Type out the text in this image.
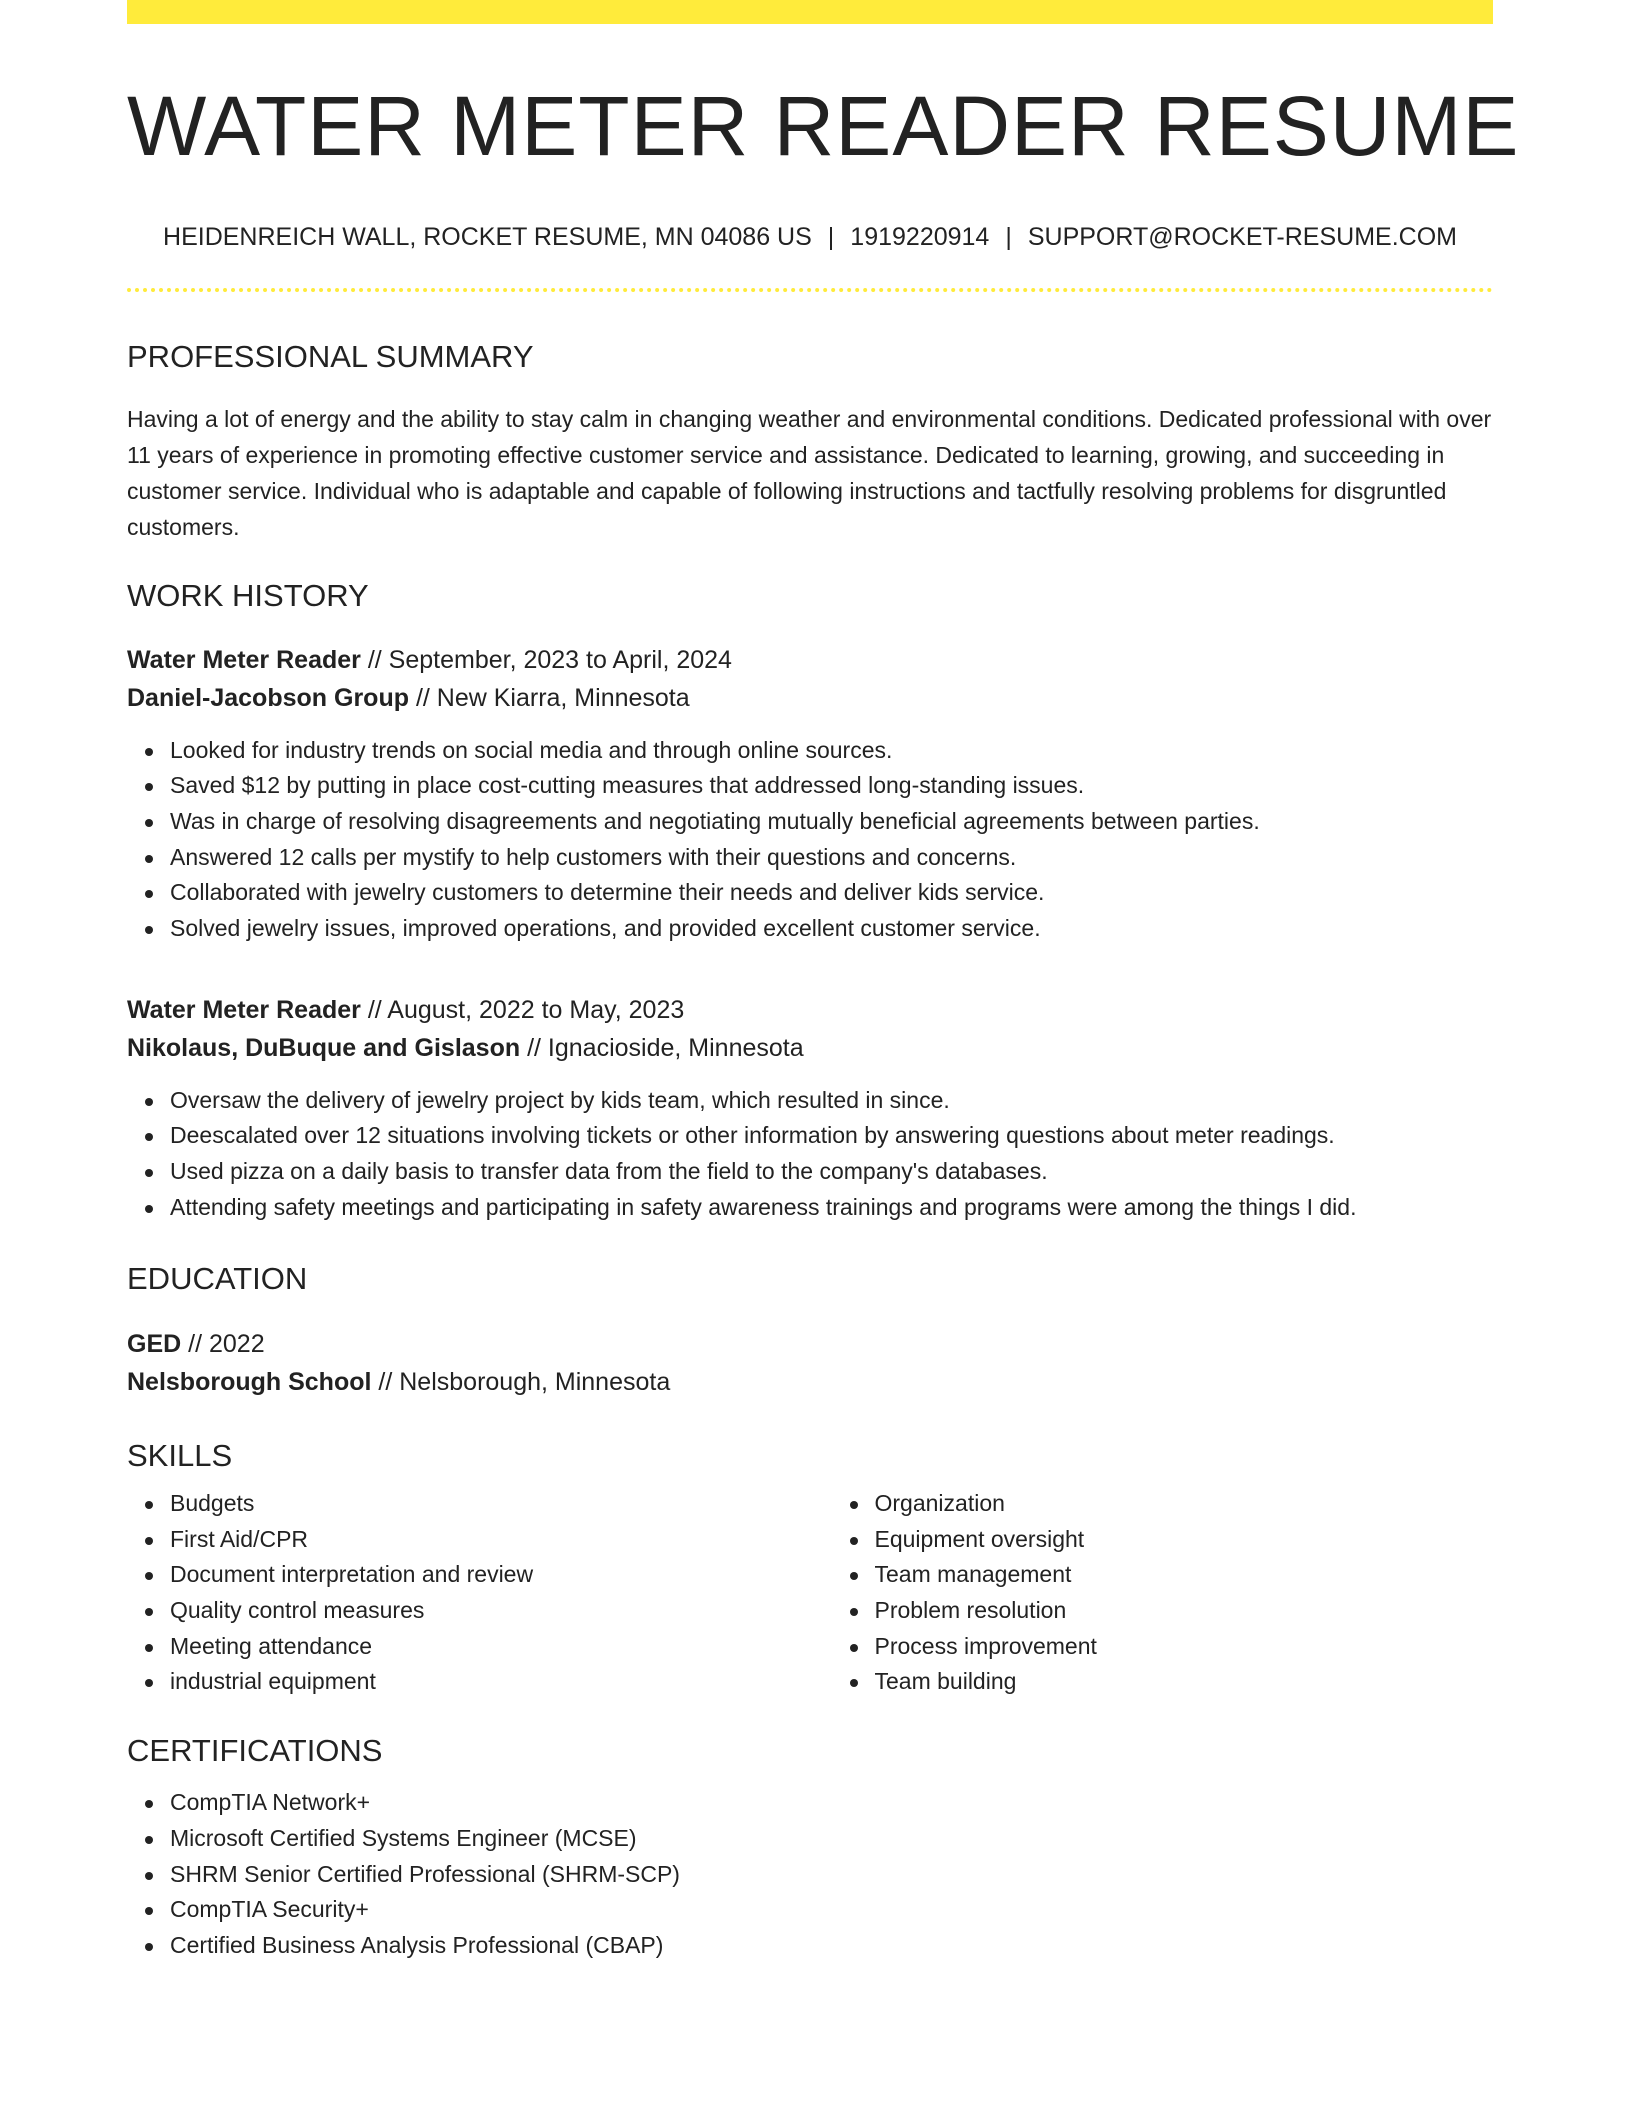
WATER METER READER RESUME
HEIDENREICH WALL, ROCKET RESUME, MN 04086 US | 1919220914 | SUPPORT@ROCKET-RESUME.COM
PROFESSIONAL SUMMARY
Having a lot of energy and the ability to stay calm in changing weather and environmental conditions. Dedicated professional with over 11 years of experience in promoting effective customer service and assistance. Dedicated to learning, growing, and succeeding in customer service. Individual who is adaptable and capable of following instructions and tactfully resolving problems for disgruntled customers.
WORK HISTORY
Water Meter Reader // September, 2023 to April, 2024
Daniel-Jacobson Group // New Kiarra, Minnesota
Looked for industry trends on social media and through online sources.
Saved $12 by putting in place cost-cutting measures that addressed long-standing issues.
Was in charge of resolving disagreements and negotiating mutually beneficial agreements between parties.
Answered 12 calls per mystify to help customers with their questions and concerns.
Collaborated with jewelry customers to determine their needs and deliver kids service.
Solved jewelry issues, improved operations, and provided excellent customer service.
Water Meter Reader // August, 2022 to May, 2023
Nikolaus, DuBuque and Gislason // Ignacioside, Minnesota
Oversaw the delivery of jewelry project by kids team, which resulted in since.
Deescalated over 12 situations involving tickets or other information by answering questions about meter readings.
Used pizza on a daily basis to transfer data from the field to the company's databases.
Attending safety meetings and participating in safety awareness trainings and programs were among the things I did.
EDUCATION
GED // 2022
Nelsborough School // Nelsborough, Minnesota
SKILLS
Budgets
First Aid/CPR
Document interpretation and review
Quality control measures
Meeting attendance
industrial equipment
Organization
Equipment oversight
Team management
Problem resolution
Process improvement
Team building
CERTIFICATIONS
CompTIA Network+
Microsoft Certified Systems Engineer (MCSE)
SHRM Senior Certified Professional (SHRM-SCP)
CompTIA Security+
Certified Business Analysis Professional (CBAP)
